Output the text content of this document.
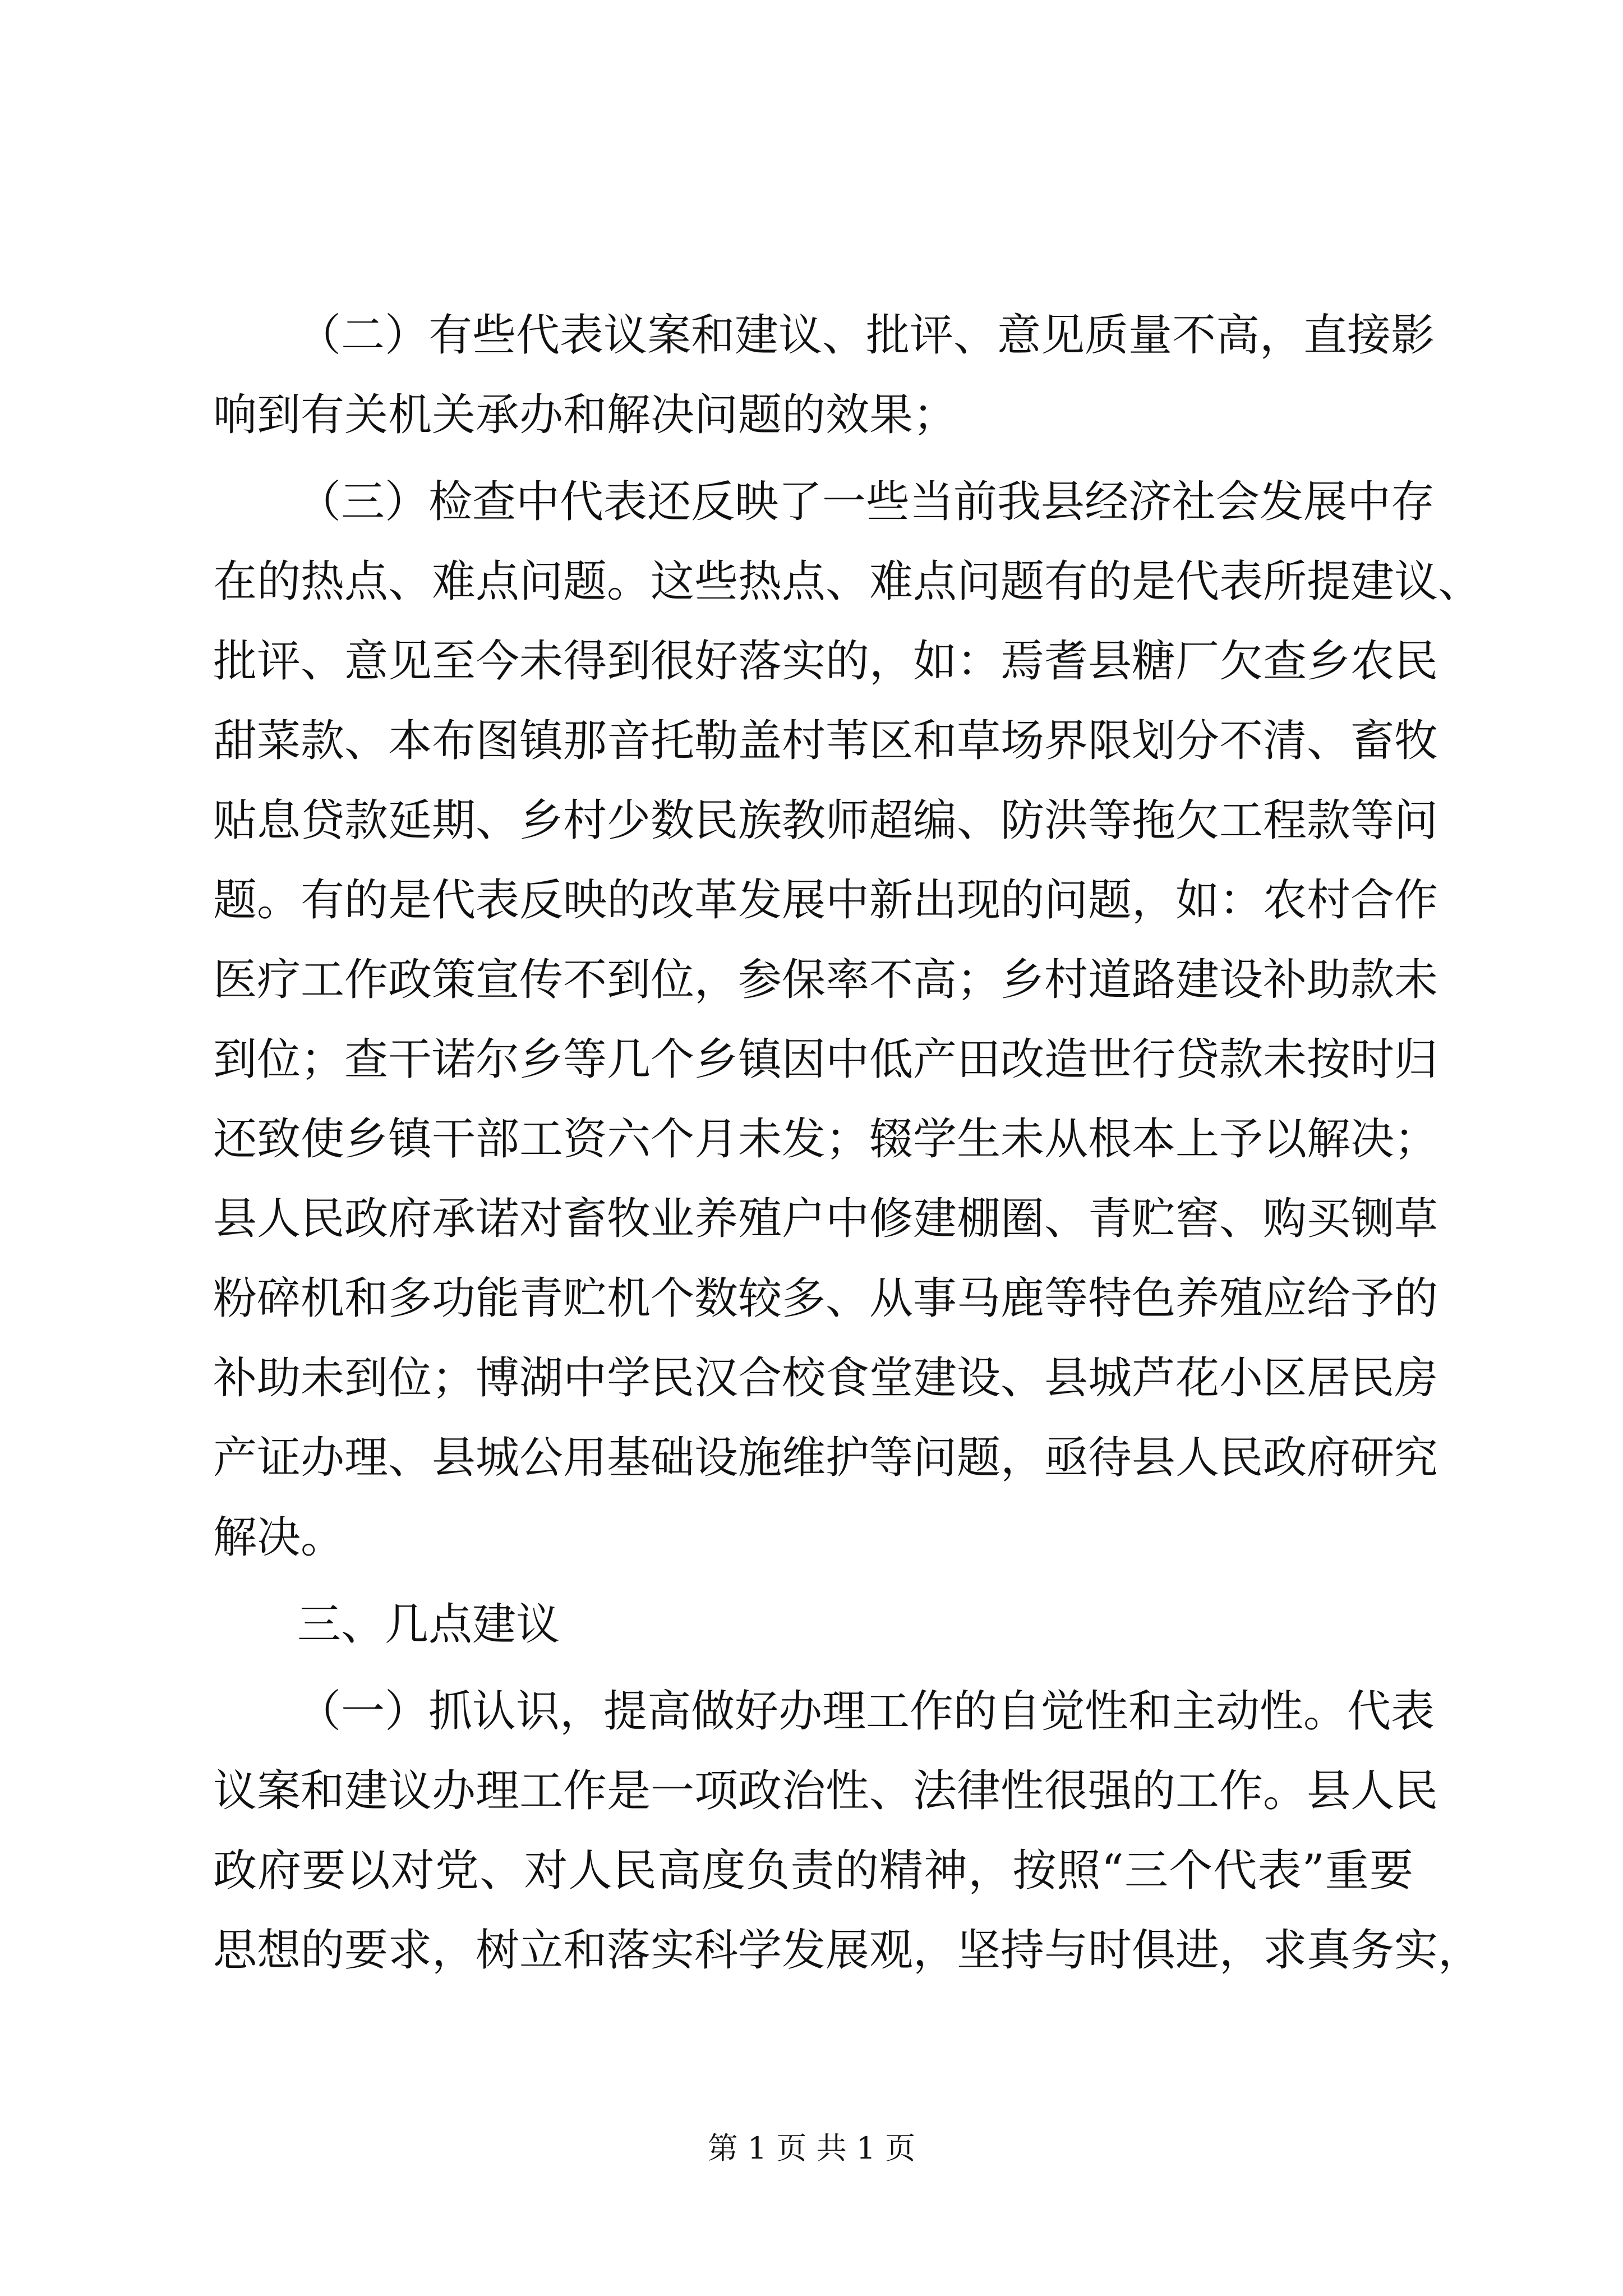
（二）有些代表议案和建议、批评、意见质量不高，直接影
响到有关机关承办和解决问题的效果；
（三）检查中代表还反映了一些当前我县经济社会发展中存
在的热点、难点问题。这些热点、难点问题有的是代表所提建议、
批评、意见至今未得到很好落实的，如：焉耆县糖厂欠查乡农民
甜菜款、本布图镇那音托勒盖村苇区和草场界限划分不清、畜牧
贴息贷款延期、乡村少数民族教师超编、防洪等拖欠工程款等问
题。有的是代表反映的改革发展中新出现的问题，如：农村合作
医疗工作政策宣传不到位，参保率不高；乡村道路建设补助款未
到位；查干诺尔乡等几个乡镇因中低产田改造世行贷款未按时归
还致使乡镇干部工资六个月未发；辍学生未从根本上予以解决；
县人民政府承诺对畜牧业养殖户中修建棚圈、青贮窖、购买铡草
粉碎机和多功能青贮机个数较多、从事马鹿等特色养殖应给予的
补助未到位；博湖中学民汉合校食堂建设、县城芦花小区居民房
产证办理、县城公用基础设施维护等问题，亟待县人民政府研究
解决。
三、几点建议
（一）抓认识，提高做好办理工作的自觉性和主动性。代表
议案和建议办理工作是一项政治性、法律性很强的工作。县人民
政府要以对党、对人民高度负责的精神，按照“三个代表”重要
思想的要求，树立和落实科学发展观，坚持与时俱进，求真务实，
第 1 页 共 1 页
